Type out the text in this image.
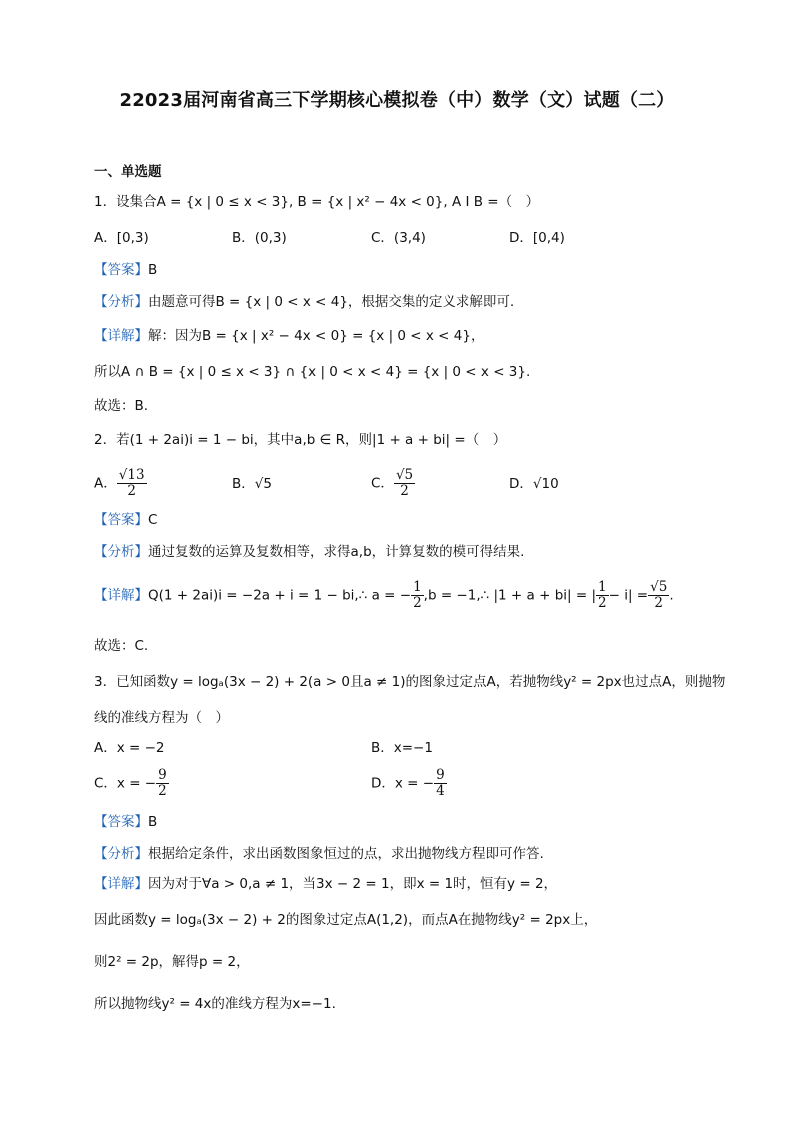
22023届河南省高三下学期核心模拟卷（中）数学（文）试题（二）
一、单选题
1．设集合A = {x | 0 ≤ x < 3}, B = {x | x² − 4x < 0}, A I B =（　）
A．[0,3)	B．(0,3)	C．(3,4)	D．[0,4)
【答案】B
【分析】由题意可得B = {x | 0 < x < 4}，根据交集的定义求解即可.
【详解】解：因为B = {x | x² − 4x < 0} = {x | 0 < x < 4}，
所以A ∩ B = {x | 0 ≤ x < 3} ∩ {x | 0 < x < 4} = {x | 0 < x < 3}.
故选：B.
2．若(1 + 2ai)i = 1 − bi，其中a,b ∈ R，则|1 + a + bi| =（　）
A． $\frac{√13}{2}$	B．√5	C． $\frac{√5}{2}$	D．√10
【答案】C
【分析】通过复数的运算及复数相等，求得a,b，计算复数的模可得结果.
【详解】Q(1 + 2ai)i = −2a + i = 1 − bi,∴ a = − $\frac{1}{2} ,b$ = −1,∴ |1 + a + bi| = | $\frac{1}{2} - i| = \frac{√5}{2}$ .
故选：C.
3．已知函数y = logₐ(3x − 2) + 2(a > 0且a ≠ 1)的图象过定点A，若抛物线y² = 2px也过点A，则抛物
线的准线方程为（　）
A．x = −2	B．x=−1
C．x = − $\frac{9}{2}$	D．x = − $\frac{9}{4}$
【答案】B
【分析】根据给定条件，求出函数图象恒过的点，求出抛物线方程即可作答.
【详解】因为对于∀a > 0,a ≠ 1，当3x − 2 = 1，即x = 1时，恒有y = 2，
因此函数y = logₐ(3x − 2) + 2的图象过定点A(1,2)，而点A在抛物线y² = 2px上，
则2² = 2p，解得p = 2，
所以抛物线y² = 4x的准线方程为x=−1.
